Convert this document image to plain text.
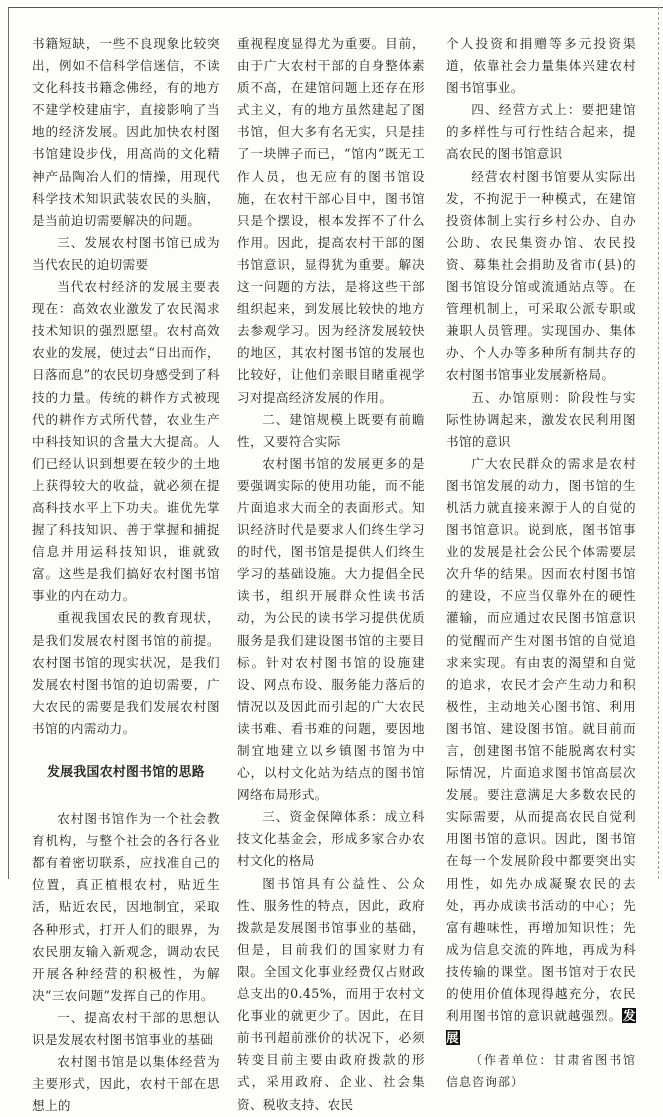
书籍短缺，一些不良现象比较突出，例如不信科学信迷信，不读文化科技书籍念佛经，有的地方不建学校建庙宇，直接影响了当地的经济发展。因此加快农村图书馆建设步伐，用高尚的文化精神产品陶冶人们的情操，用现代科学技术知识武装农民的头脑，是当前迫切需要解决的问题。

三、发展农村图书馆已成为当代农民的迫切需要

当代农村经济的发展主要表现在：高效农业激发了农民渴求技术知识的强烈愿望。农村高效农业的发展，使过去“日出而作，日落而息”的农民切身感受到了科技的力量。传统的耕作方式被现代的耕作方式所代替，农业生产中科技知识的含量大大提高。人们已经认识到想要在较少的土地上获得较大的收益，就必须在提高科技水平上下功夫。谁优先掌握了科技知识、善于掌握和捕捉信息并用运科技知识，谁就致富。这些是我们搞好农村图书馆事业的内在动力。

重视我国农民的教育现状，是我们发展农村图书馆的前提。农村图书馆的现实状况，是我们发展农村图书馆的迫切需要，广大农民的需要是我们发展农村图书馆的内需动力。

发展我国农村图书馆的思路

农村图书馆作为一个社会教育机构，与整个社会的各行各业都有着密切联系，应找准自己的位置，真正植根农村，贴近生活，贴近农民，因地制宜，采取各种形式，打开人们的眼界，为农民朋友输入新观念，调动农民开展各种经营的积极性，为解决“三农问题”发挥自己的作用。

一、提高农村干部的思想认识是发展农村图书馆事业的基础

农村图书馆是以集体经营为主要形式，因此，农村干部在思想上的

重视程度显得尤为重要。目前，由于广大农村干部的自身整体素质不高，在建馆问题上还存在形式主义，有的地方虽然建起了图书馆，但大多有名无实，只是挂了一块牌子而已，“馆内”既无工作人员，也无应有的图书馆设施，在农村干部心目中，图书馆只是个摆设，根本发挥不了什么作用。因此，提高农村干部的图书馆意识，显得犹为重要。解决这一问题的方法，是将这些干部组织起来，到发展比较快的地方去参观学习。因为经济发展较快的地区，其农村图书馆的发展也比较好，让他们亲眼目睹重视学习对提高经济发展的作用。

二、建馆规模上既要有前瞻性，又要符合实际

农村图书馆的发展更多的是要强调实际的使用功能，而不能片面追求大而全的表面形式。知识经济时代是要求人们终生学习的时代，图书馆是提供人们终生学习的基础设施。大力提倡全民读书，组织开展群众性读书活动，为公民的读书学习提供优质服务是我们建设图书馆的主要目标。针对农村图书馆的设施建设、网点布设、服务能力落后的情况以及因此而引起的广大农民读书难、看书难的问题，要因地制宜地建立以乡镇图书馆为中心，以村文化站为结点的图书馆网络布局形式。

三、资金保障体系：成立科技文化基金会，形成多家合办农村文化的格局

图书馆具有公益性、公众性、服务性的特点，因此，政府拨款是发展图书馆事业的基础，但是，目前我们的国家财力有限。全国文化事业经费仅占财政总支出的0.45%，而用于农村文化事业的就更少了。因此，在目前书刊超前涨价的状况下，必须转变目前主要由政府拨款的形式，采用政府、企业、社会集资、税收支持、农民

个人投资和捐赠等多元投资渠道，依靠社会力量集体兴建农村图书馆事业。

四、经营方式上：要把建馆的多样性与可行性结合起来，提高农民的图书馆意识

经营农村图书馆要从实际出发，不拘泥于一种模式，在建馆投资体制上实行乡村公办、自办公助、农民集资办馆、农民投资、募集社会捐助及省市(县)的图书馆设分馆或流通站点等。在管理机制上，可采取公派专职或兼职人员管理。实现国办、集体办、个人办等多种所有制共存的农村图书馆事业发展新格局。

五、办馆原则：阶段性与实际性协调起来，激发农民利用图书馆的意识

广大农民群众的需求是农村图书馆发展的动力，图书馆的生机活力就直接来源于人的自觉的图书馆意识。说到底，图书馆事业的发展是社会公民个体需要层次升华的结果。因而农村图书馆的建设，不应当仅靠外在的硬性灌输，而应通过农民图书馆意识的觉醒而产生对图书馆的自觉追求来实现。有由衷的渴望和自觉的追求，农民才会产生动力和积极性，主动地关心图书馆、利用图书馆、建设图书馆。就目前而言，创建图书馆不能脱离农村实际情况，片面追求图书馆高层次发展。要注意满足大多数农民的实际需要，从而提高农民自觉利用图书馆的意识。因此，图书馆在每一个发展阶段中都要突出实用性，如先办成凝聚农民的去处，再办成读书活动的中心；先富有趣味性，再增加知识性；先成为信息交流的阵地，再成为科技传输的课堂。图书馆对于农民的使用价值体现得越充分，农民利用图书馆的意识就越强烈。发展

（作者单位：甘肃省图书馆信息咨询部）
